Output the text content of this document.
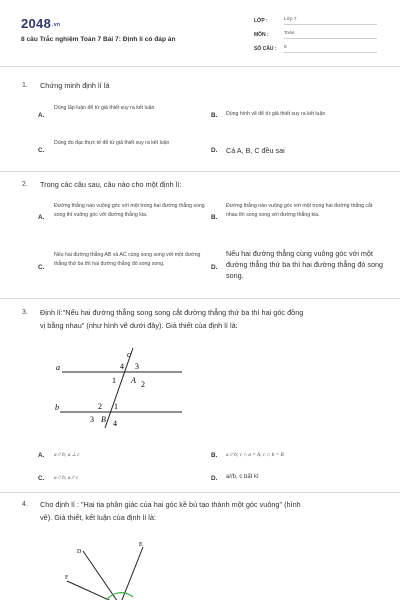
2048.vn
8 câu Trắc nghiệm Toán 7 Bài 7: Định lí có đáp án
LỚP :	Lớp 7
MÔN :	Toán
SỐ CÂU : 8
1. Chứng minh định lí là
A.
Dùng lập luận để từ giả thiết suy ra kết luận
B. Dùng hình vẽ để từ giả thiết suy ra kết luận
C.
Dùng đo đạc thực tế để từ giả thiết suy ra kết luận
D. Cả A, B, C đều sai
2. Trong các câu sau, câu nào cho một định lí:
A.
Đường thẳng nào vuông góc với một trong hai đường thẳng song song thì vuông góc với đường thẳng kia.	B.
Đường thẳng nào vuông góc với một trong hai đường thẳng cắt nhau thì song song với đường thẳng kia.
C.
Nếu hai đường thẳng AB và AC cùng song song với một đường thẳng thứ ba thì hai đường thẳng đó song song.
D.
Nếu hai đường thẳng cùng vuông góc với một đường thẳng thứ ba thì hai đường thẳng đó song song.
3. Định lí:"Nếu hai đường thẳng song song cắt đường thẳng thứ ba thì hai góc đồng
vị bằng nhau" (như hình vẽ dưới đây). Giả thiết của định lí là:
a
b
c
4 3
1 A 2
2 1
3 B 4
A. a // b; a ⊥ c	B. a // b; c ∩ a = A; c ∩ b = B
C. a // b; a // c	D. a//b, c bất kì
4. Cho định lí : "Hai tia phân giác của hai góc kề bù tạo thành một góc vuông" (hình
vẽ). Giả thiết, kết luận của định lí là:
D
E
F
